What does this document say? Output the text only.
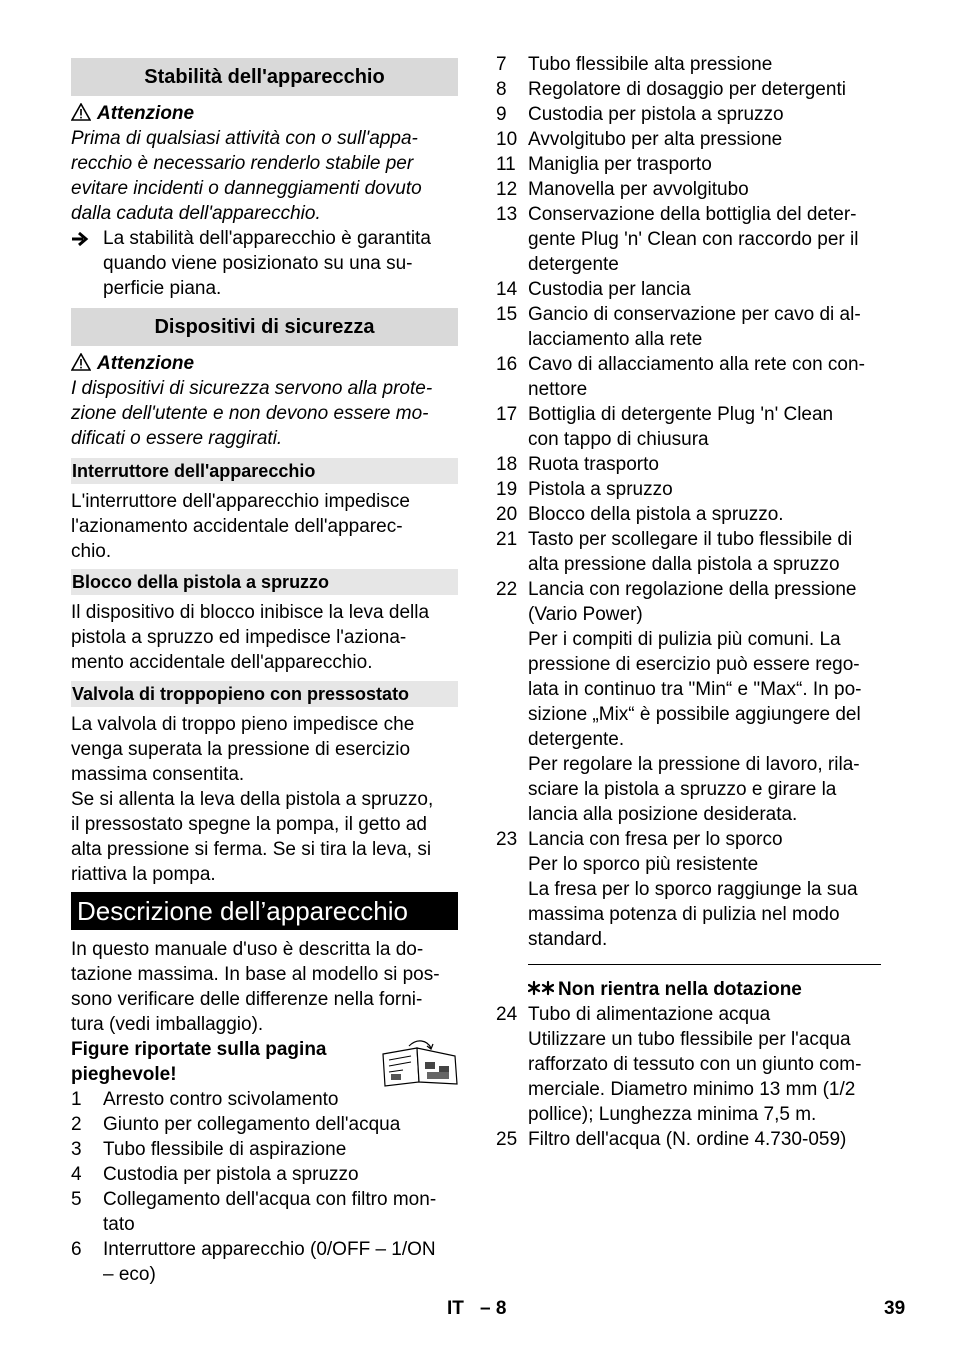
Stabilità dell'apparecchio
Attenzione
Prima di qualsiasi attività con o sull'appa-
recchio è necessario renderlo stabile per
evitare incidenti o danneggiamenti dovuto
dalla caduta dell'apparecchio.
La stabilità dell'apparecchio è garantita
quando viene posizionato su una su-
perficie piana.
Dispositivi di sicurezza
Attenzione
I dispositivi di sicurezza servono alla prote-
zione dell'utente e non devono essere mo-
dificati o essere raggirati.
Interruttore dell'apparecchio
L'interruttore dell'apparecchio impedisce
l'azionamento accidentale dell'apparec-
chio.
Blocco della pistola a spruzzo
Il dispositivo di blocco inibisce la leva della
pistola a spruzzo ed impedisce l'aziona-
mento accidentale dell'apparecchio.
Valvola di troppopieno con pressostato
La valvola di troppo pieno impedisce che
venga superata la pressione di esercizio
massima consentita.
Se si allenta la leva della pistola a spruzzo,
il pressostato spegne la pompa, il getto ad
alta pressione si ferma. Se si tira la leva, si
riattiva la pompa.
Descrizione dell’apparecchio
In questo manuale d'uso è descritta la do-
tazione massima. In base al modello si pos-
sono verificare delle differenze nella forni-
tura (vedi imballaggio).
Figure riportate sulla pagina
pieghevole!
1	Arresto contro scivolamento
2	Giunto per collegamento dell'acqua
3	Tubo flessibile di aspirazione
4	Custodia per pistola a spruzzo
5	Collegamento dell'acqua con filtro mon-
tato
6	Interruttore apparecchio (0/OFF – 1/ON
– eco)
7	Tubo flessibile alta pressione
8	Regolatore di dosaggio per detergenti
9	Custodia per pistola a spruzzo
10 Avvolgitubo per alta pressione
11 Maniglia per trasporto
12 Manovella per avvolgitubo
13 Conservazione della bottiglia del deter-
gente Plug 'n' Clean con raccordo per il
detergente
14 Custodia per lancia
15 Gancio di conservazione per cavo di al-
lacciamento alla rete
16 Cavo di allacciamento alla rete con con-
nettore
17 Bottiglia di detergente Plug 'n' Clean
con tappo di chiusura
18 Ruota trasporto
19 Pistola a spruzzo
20 Blocco della pistola a spruzzo.
21 Tasto per scollegare il tubo flessibile di
alta pressione dalla pistola a spruzzo
22 Lancia con regolazione della pressione
(Vario Power)
Per i compiti di pulizia più comuni. La
pressione di esercizio può essere rego-
lata in continuo tra "Min“ e "Max“. In po-
sizione „Mix“ è possibile aggiungere del
detergente.
Per regolare la pressione di lavoro, rila-
sciare la pistola a spruzzo e girare la
lancia alla posizione desiderata.
23 Lancia con fresa per lo sporco
Per lo sporco più resistente
La fresa per lo sporco raggiunge la sua
massima potenza di pulizia nel modo
standard.
Non rientra nella dotazione
24 Tubo di alimentazione acqua
Utilizzare un tubo flessibile per l'acqua
rafforzato di tessuto con un giunto com-
merciale. Diametro minimo 13 mm (1/2
pollice); Lunghezza minima 7,5 m.
25 Filtro dell'acqua (N. ordine 4.730-059)
IT – 8	39
